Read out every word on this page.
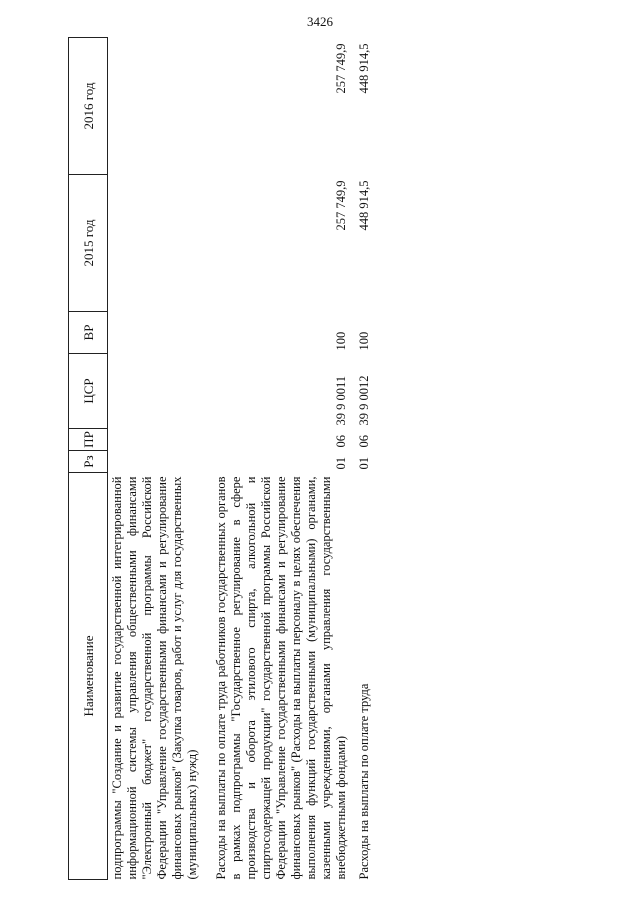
3426
Наименование	Рз	ПР	ЦСР	ВР	2015 год	2016 год
подпрограммы "Создание и развитие государственной интегрированной информационной системы управления общественными финансами "Электронный бюджет" государственной программы Российской Федерации "Управление государственными финансами и регулирование финансовых рынков" (Закупка товаров, работ и услуг для государственных (муниципальных) нужд)						
Расходы на выплаты по оплате труда работников государственных органов в рамках подпрограммы "Государственное регулирование в сфере производства и оборота этилового спирта, алкогольной и спиртосодержащей продукции" государственной программы Российской Федерации "Управление государственными финансами и регулирование финансовых рынков" (Расходы на выплаты персоналу в целях обеспечения выполнения функций государственными (муниципальными) органами, казенными учреждениями, органами управления государственными внебюджетными фондами)	01	06	39 9 0011	100	257 749,9	257 749,9
Расходы на выплаты по оплате труда	01	06	39 9 0012	100	448 914,5	448 914,5
